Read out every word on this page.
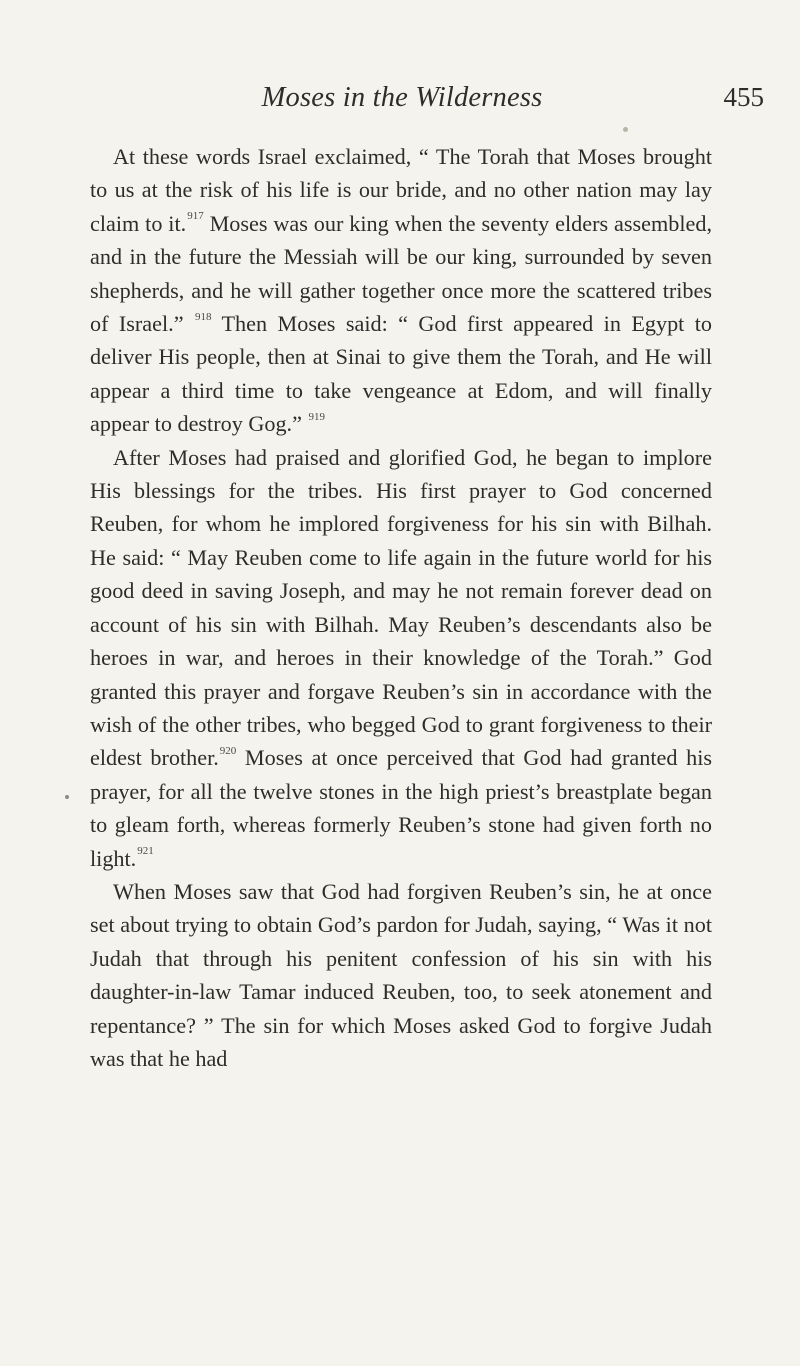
Moses in the Wilderness	455

At these words Israel exclaimed, “ The Torah that Moses brought to us at the risk of his life is our bride, and no other nation may lay claim to it.$^{917}$ Moses was our king when the seventy elders assembled, and in the future the Messiah will be our king, surrounded by seven shepherds, and he will gather together once more the scattered tribes of Israel.” $^{918}$ Then Moses said: “ God first appeared in Egypt to deliver His people, then at Sinai to give them the Torah, and He will appear a third time to take vengeance at Edom, and will finally appear to destroy Gog.” $^{919}$

After Moses had praised and glorified God, he began to implore His blessings for the tribes. His first prayer to God concerned Reuben, for whom he implored forgiveness for his sin with Bilhah. He said: “ May Reuben come to life again in the future world for his good deed in saving Joseph, and may he not remain forever dead on account of his sin with Bilhah. May Reuben’s descendants also be heroes in war, and heroes in their knowledge of the Torah.” God granted this prayer and forgave Reuben’s sin in accordance with the wish of the other tribes, who begged God to grant forgiveness to their eldest brother.$^{920}$ Moses at once perceived that God had granted his prayer, for all the twelve stones in the high priest’s breastplate began to gleam forth, whereas formerly Reuben’s stone had given forth no light.$^{921}$

When Moses saw that God had forgiven Reuben’s sin, he at once set about trying to obtain God’s pardon for Judah, saying, “ Was it not Judah that through his penitent confession of his sin with his daughter-in-law Tamar induced Reuben, too, to seek atonement and repentance? ” The sin for which Moses asked God to forgive Judah was that he had
